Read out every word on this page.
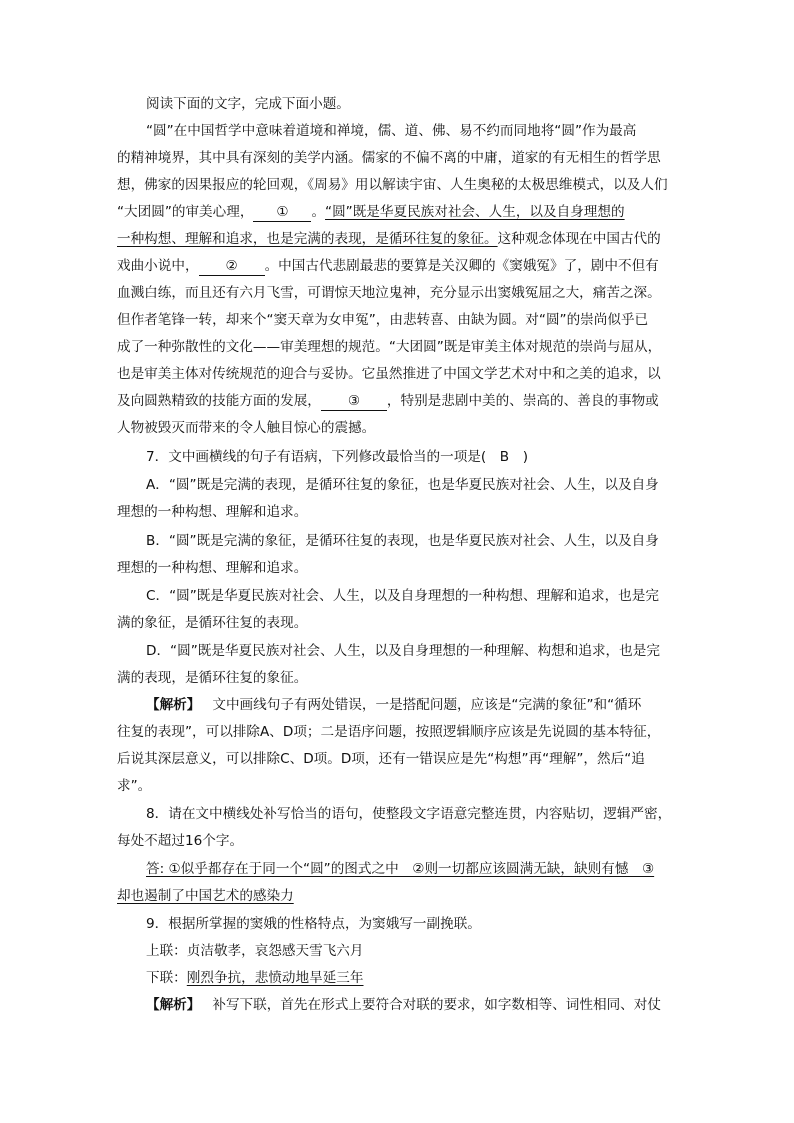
阅读下面的文字，完成下面小题。
“圆”在中国哲学中意味着道境和禅境，儒、道、佛、易不约而同地将“圆”作为最高
的精神境界，其中具有深刻的美学内涵。儒家的不偏不离的中庸，道家的有无相生的哲学思
想，佛家的因果报应的轮回观，《周易》用以解读宇宙、人生奥秘的太极思维模式，以及人们
“大团圆”的审美心理， ① 。“圆”既是华夏民族对社会、人生，以及自身理想的
一种构想、理解和追求，也是完满的表现，是循环往复的象征。这种观念体现在中国古代的
戏曲小说中， ② 。中国古代悲剧最悲的要算是关汉卿的《窦娥冤》了，剧中不但有
血溅白练，而且还有六月飞雪，可谓惊天地泣鬼神，充分显示出窦娥冤屈之大，痛苦之深。
但作者笔锋一转，却来个“窦天章为女申冤”，由悲转喜、由缺为圆。对“圆”的崇尚似乎已
成了一种弥散性的文化——审美理想的规范。“大团圆”既是审美主体对规范的崇尚与屈从，
也是审美主体对传统规范的迎合与妥协。它虽然推进了中国文学艺术对中和之美的追求，以
及向圆熟精致的技能方面的发展， ③ ，特别是悲剧中美的、崇高的、善良的事物或
人物被毁灭而带来的令人触目惊心的震撼。
7．文中画横线的句子有语病，下列修改最恰当的一项是(　B　)
A．“圆”既是完满的表现，是循环往复的象征，也是华夏民族对社会、人生，以及自身
理想的一种构想、理解和追求。
B．“圆”既是完满的象征，是循环往复的表现，也是华夏民族对社会、人生，以及自身
理想的一种构想、理解和追求。
C．“圆”既是华夏民族对社会、人生，以及自身理想的一种构想、理解和追求，也是完
满的象征，是循环往复的表现。
D．“圆”既是华夏民族对社会、人生，以及自身理想的一种理解、构想和追求，也是完
满的表现，是循环往复的象征。
【解析】 文中画线句子有两处错误，一是搭配问题，应该是“完满的象征”和“循环
往复的表现”，可以排除A、D项；二是语序问题，按照逻辑顺序应该是先说圆的基本特征，
后说其深层意义，可以排除C、D项。D项，还有一错误应是先“构想”再“理解”，然后“追
求”。
8．请在文中横线处补写恰当的语句，使整段文字语意完整连贯，内容贴切，逻辑严密，
每处不超过16个字。
答: ①似乎都存在于同一个“圆”的图式之中　②则一切都应该圆满无缺，缺则有憾　③
却也遏制了中国艺术的感染力
9．根据所掌握的窦娥的性格特点，为窦娥写一副挽联。
上联：贞洁敬孝，哀怨感天雪飞六月
下联：刚烈争抗，悲愤动地旱延三年
【解析】 补写下联，首先在形式上要符合对联的要求，如字数相等、词性相同、对仗
